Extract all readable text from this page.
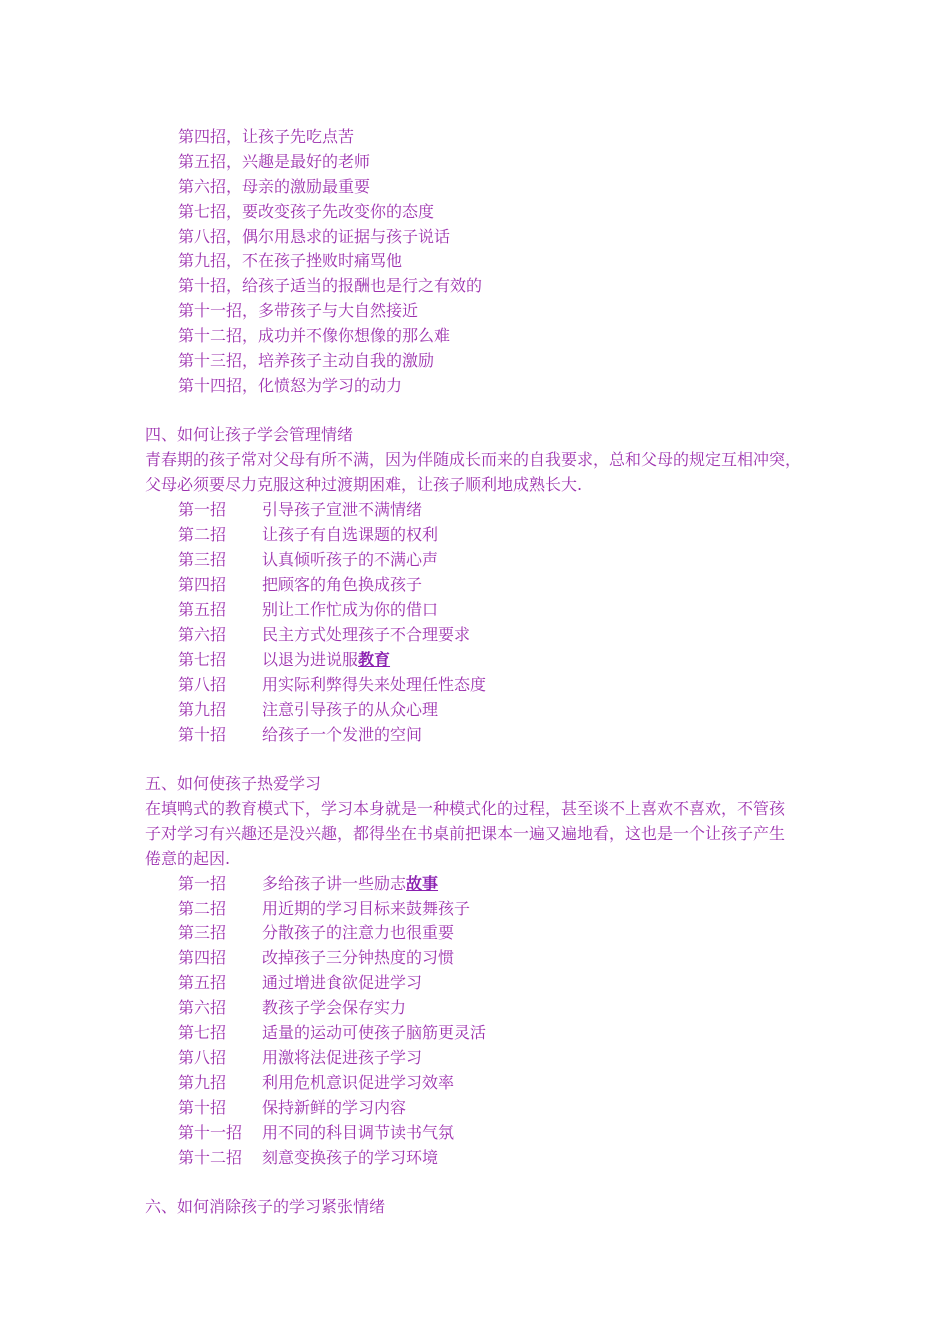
第四招，让孩子先吃点苦
第五招，兴趣是最好的老师
第六招，母亲的激励最重要
第七招，要改变孩子先改变你的态度
第八招，偶尔用恳求的证据与孩子说话
第九招，不在孩子挫败时痛骂他
第十招，给孩子适当的报酬也是行之有效的
第十一招，多带孩子与大自然接近
第十二招，成功并不像你想像的那么难
第十三招，培养孩子主动自我的激励
第十四招，化愤怒为学习的动力
四、如何让孩子学会管理情绪
青春期的孩子常对父母有所不满，因为伴随成长而来的自我要求，总和父母的规定互相冲突，
父母必须要尽力克服这种过渡期困难，让孩子顺利地成熟长大.
第一招 引导孩子宣泄不满情绪
第二招 让孩子有自选课题的权利
第三招 认真倾听孩子的不满心声
第四招 把顾客的角色换成孩子
第五招 别让工作忙成为你的借口
第六招 民主方式处理孩子不合理要求
第七招 以退为进说服教育
第八招 用实际利弊得失来处理任性态度
第九招 注意引导孩子的从众心理
第十招 给孩子一个发泄的空间
五、如何使孩子热爱学习
在填鸭式的教育模式下，学习本身就是一种模式化的过程，甚至谈不上喜欢不喜欢，不管孩
子对学习有兴趣还是没兴趣，都得坐在书桌前把课本一遍又遍地看，这也是一个让孩子产生
倦意的起因.
第一招 多给孩子讲一些励志故事
第二招 用近期的学习目标来鼓舞孩子
第三招 分散孩子的注意力也很重要
第四招 改掉孩子三分钟热度的习惯
第五招 通过增进食欲促进学习
第六招 教孩子学会保存实力
第七招 适量的运动可使孩子脑筋更灵活
第八招 用激将法促进孩子学习
第九招 利用危机意识促进学习效率
第十招 保持新鲜的学习内容
第十一招 用不同的科目调节读书气氛
第十二招 刻意变换孩子的学习环境
六、如何消除孩子的学习紧张情绪
